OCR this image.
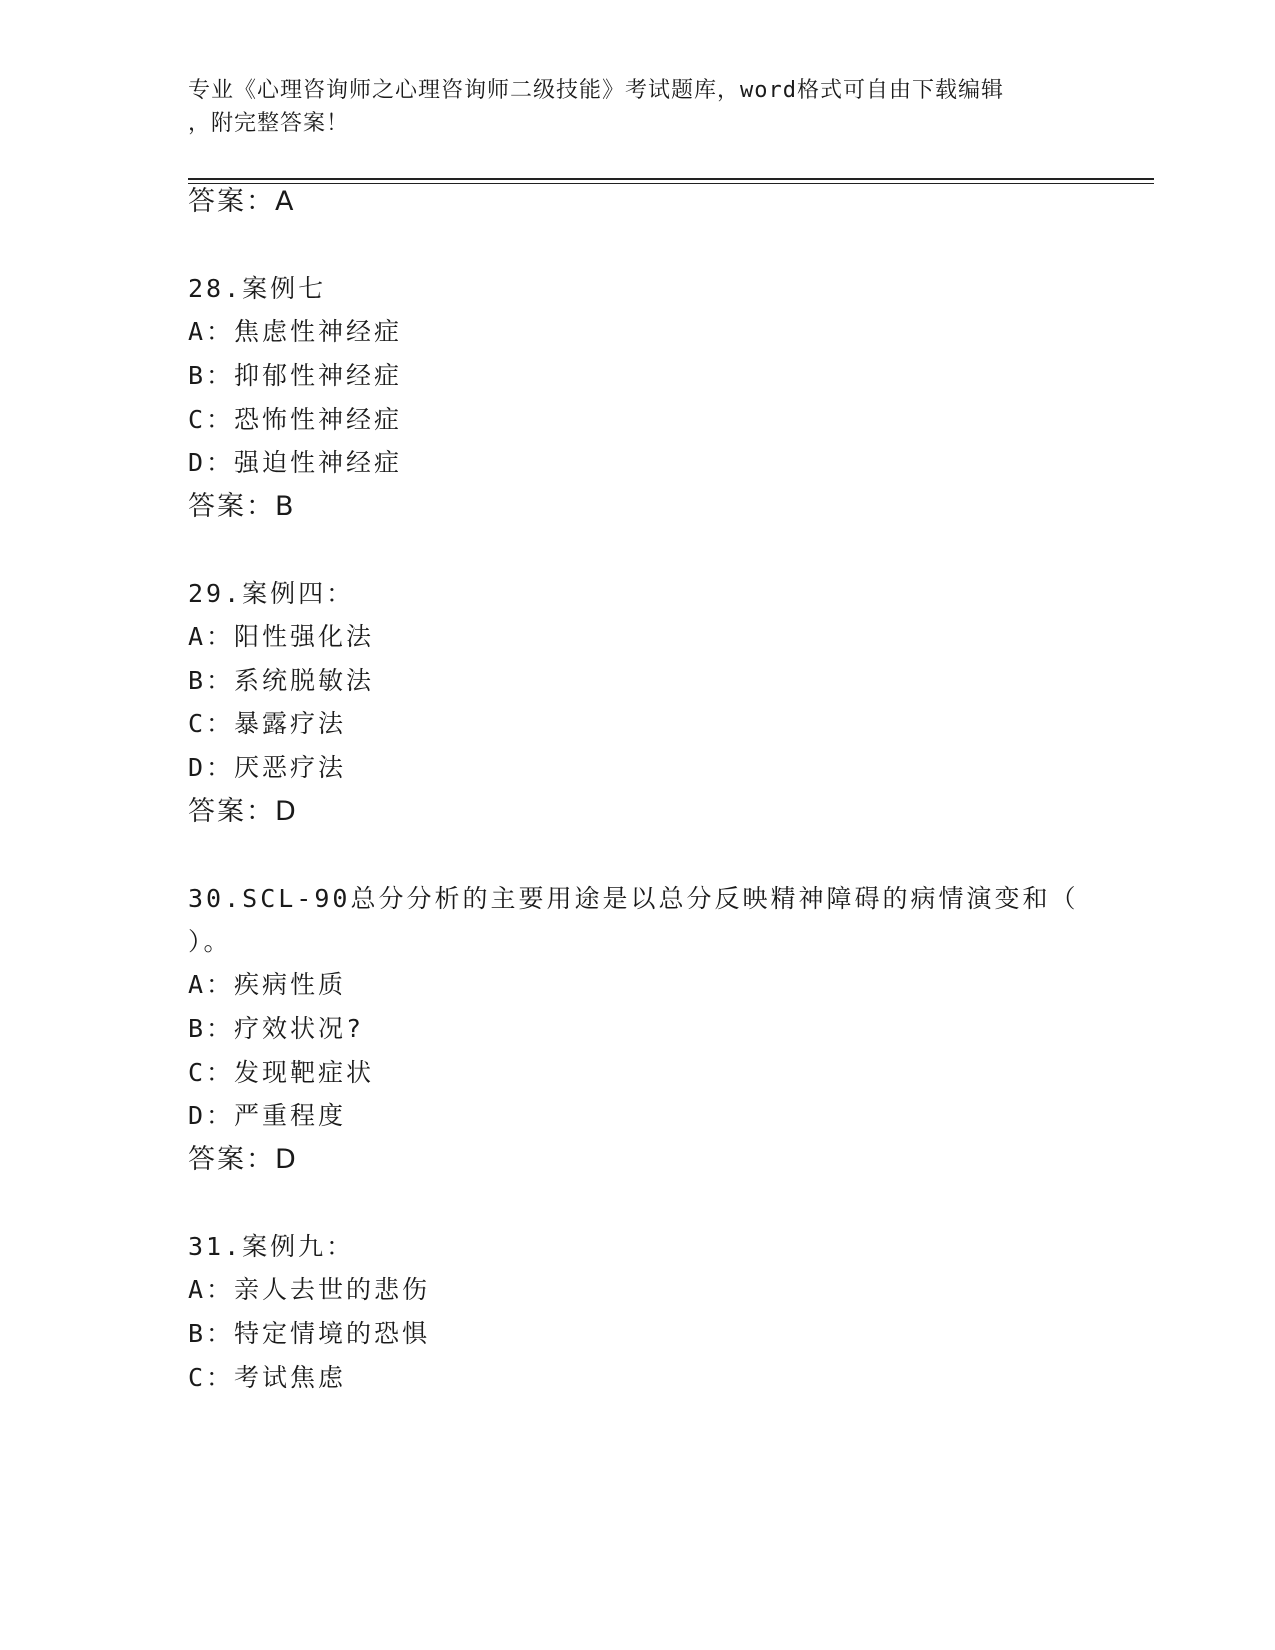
专业《心理咨询师之心理咨询师二级技能》考试题库，word格式可自由下载编辑
，附完整答案！
答案：A
28.案例七
A：焦虑性神经症
B：抑郁性神经症
C：恐怖性神经症
D：强迫性神经症
答案：B
29.案例四：
A：阳性强化法
B：系统脱敏法
C：暴露疗法
D：厌恶疗法
答案：D
30.SCL-90总分分析的主要用途是以总分反映精神障碍的病情演变和（
）。
A：疾病性质
B：疗效状况?
C：发现靶症状
D：严重程度
答案：D
31.案例九：
A：亲人去世的悲伤
B：特定情境的恐惧
C：考试焦虑
